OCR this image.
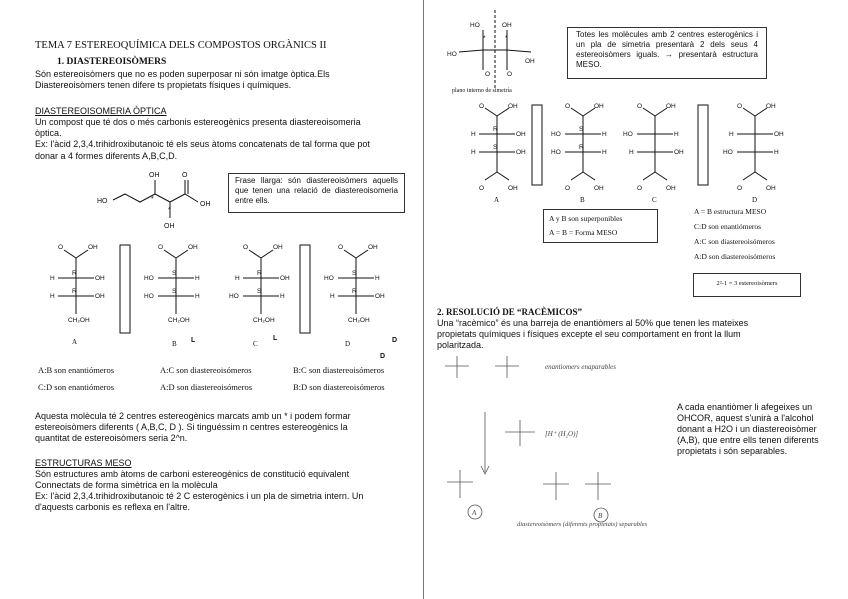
TEMA 7 ESTEREOQUÍMICA DELS COMPOSTOS ORGÀNICS II
1. DIASTEREOISÒMERS
Són estereoisòmers que no es poden superposar ni són imatge òptica.Els
Diastereoisòmers tenen difere ts propietats físiques i químiques.
DIASTEREOISOMERIA ÒPTICA
Un compost que té dos o més carbonis estereogènics presenta diastereoisomeria
òptica.
Ex: l'àcid 2,3,4.trihidroxibutanoic té els seus àtoms concatenats de tal forma que pot
donar a 4 formes diferents A,B,C,D.
HO
OH
OH
O
OH
*
*
Frase llarga: són diastereoisòmers aquells que tenen una relació de diastereoisomeria entre ells.
O	OH
H	OH
H	OH
CH₂OH
R
R
O	OH
HO	H
HO	H
CH₂OH
S
S
O	OH
H	OH
HO	H
CH₂OH
R
S
O	OH
HO	H
H	OH
CH₂OH
S
R
A	B	C	D
L	L	D
D
A:B son enantiómeros	A:C son diastereoisómeros	B:C son diastereoisómeros
C:D son enantiómeros	A:D son diastereoisómeros	B:D son diastereoisómeros
Aquesta molècula té 2 centres estereogènics marcats amb un * i podem formar
estereoisòmers diferents ( A,B,C, D ). Si tinguéssim n centres estereogènics la
quantitat de estereoisòmers seria 2^n.
ESTRUCTURAS MESO
Són estructures amb àtoms de carboni estereogènics de constitució equivalent
Connectats de forma simètrica en la molècula
Ex: l'àcid 2,3,4.trihidroxibutanoic té 2 C esterogènics i un pla de simetria intern. Un
d'aquests carbonis es reflexa en l'altre.
HO	OH
HO
OH
O	O
*	*
plano interno de simetría
Totes les molècules amb 2 centres esterogènics i un pla de simetria presentarà 2 dels seus 4 estereoisòmers iguals. → presentarà estructura MESO.
O	OH
H	OH
H	OH
O	OH
R
S
O	OH
HO	H
HO	H
O	OH
S
R
O	OH
HO	H
H	OH
O	OH
O	OH
H	OH
HO	H
O	OH
A	B	C	D
A y B son superponibles
A = B = Forma MESO
A = B estructura MESO
C:D son enantiómeros
A:C son diastereoisómeros
A:D son diastereoisómeros
2²-1 = 3 estereoisòmers
2. RESOLUCIÓ DE “RACÈMICOS”
Una “racèmico” és una barreja de enantiòmers al 50% que tenen les mateixes
propietats químiques i físiques excepte el seu comportament en front la llum
polaritzada.
enantiomers enaparables
[H⁺ (H₂O)]
diastereoisòmers (diferents propietats) separables
A	B
A cada enantiòmer li afegeixes un OHCOR, aquest s'unirà a l'alcohol donant a H2O i un diastereoisòmer (A,B), que entre ells tenen diferents propietats i són separables.
